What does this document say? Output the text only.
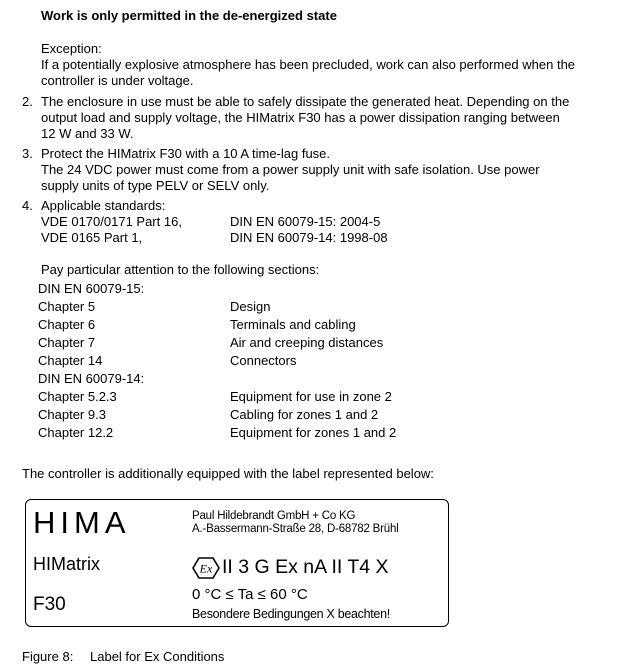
Work is only permitted in the de-energized state
Exception:
If a potentially explosive atmosphere has been precluded, work can also performed when the
controller is under voltage.
2. The enclosure in use must be able to safely dissipate the generated heat. Depending on the
output load and supply voltage, the HIMatrix F30 has a power dissipation ranging between
12 W and 33 W.
3. Protect the HIMatrix F30 with a 10 A time-lag fuse.
The 24 VDC power must come from a power supply unit with safe isolation. Use power
supply units of type PELV or SELV only.
4. Applicable standards:
VDE 0170/0171 Part 16,	DIN EN 60079-15: 2004-5
VDE 0165 Part 1,	DIN EN 60079-14: 1998-08
Pay particular attention to the following sections:
DIN EN 60079-15:
Chapter 5	Design
Chapter 6	Terminals and cabling
Chapter 7	Air and creeping distances
Chapter 14	Connectors
DIN EN 60079-14:
Chapter 5.2.3	Equipment for use in zone 2
Chapter 9.3	Cabling for zones 1 and 2
Chapter 12.2	Equipment for zones 1 and 2
The controller is additionally equipped with the label represented below:
HIMA	Paul Hildebrandt GmbH + Co KG
A.-Bassermann-Straße 28, D-68782 Brühl
HIMatrix	Ex II 3 G Ex nA II T4 X
F30	0 °C ≤ Ta ≤ 60 °C
Besondere Bedingungen X beachten!
Figure 8: Label for Ex Conditions
